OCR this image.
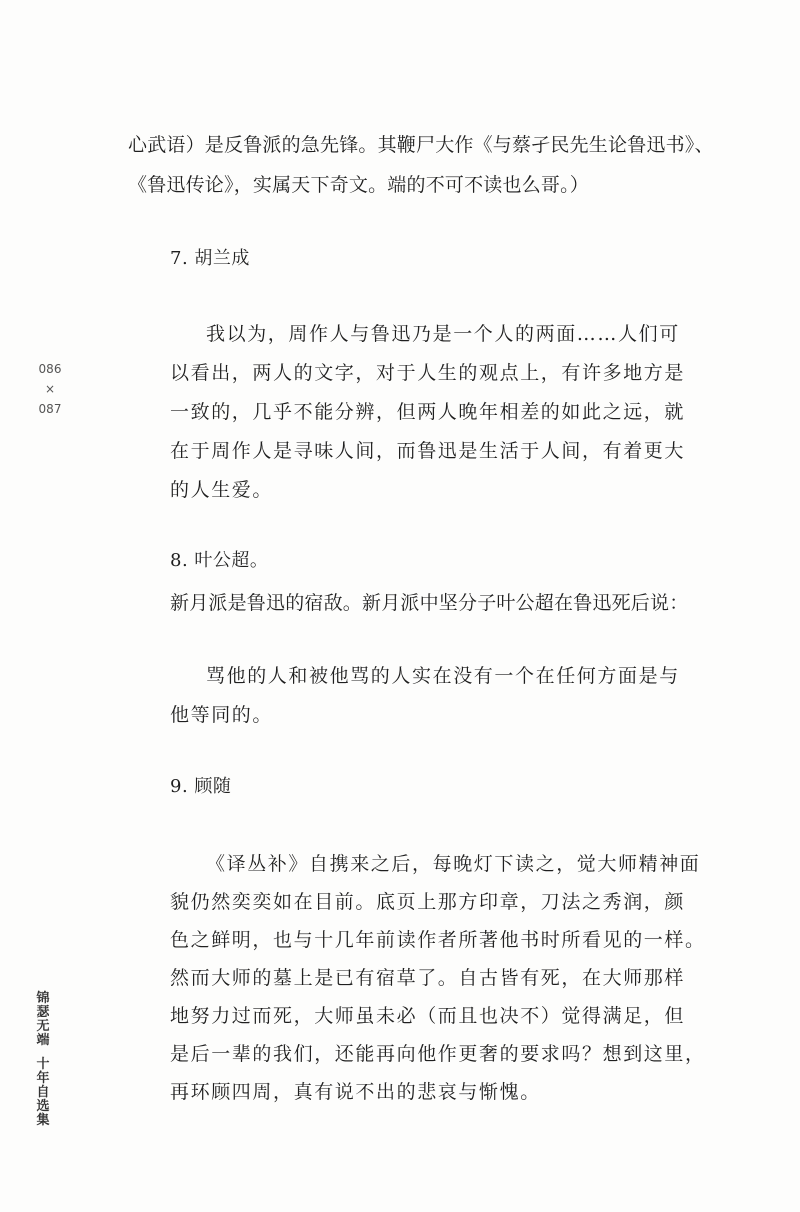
086
×
087
心武语）是反鲁派的急先锋。其鞭尸大作《与蔡孑民先生论鲁迅书》、
《鲁迅传论》，实属天下奇文。端的不可不读也么哥。）
7. 胡兰成
我以为，周作人与鲁迅乃是一个人的两面……人们可
以看出，两人的文字，对于人生的观点上，有许多地方是
一致的，几乎不能分辨，但两人晚年相差的如此之远，就
在于周作人是寻味人间，而鲁迅是生活于人间，有着更大
的人生爱。
8. 叶公超。
新月派是鲁迅的宿敌。新月派中坚分子叶公超在鲁迅死后说：
骂他的人和被他骂的人实在没有一个在任何方面是与
他等同的。
9. 顾随
《译丛补》自携来之后，每晚灯下读之，觉大师精神面
貌仍然奕奕如在目前。底页上那方印章，刀法之秀润，颜
色之鲜明，也与十几年前读作者所著他书时所看见的一样。
然而大师的墓上是已有宿草了。自古皆有死，在大师那样
地努力过而死，大师虽未必（而且也决不）觉得满足，但
是后一辈的我们，还能再向他作更奢的要求吗？想到这里，
再环顾四周，真有说不出的悲哀与惭愧。
锦瑟无端
十年自选集
